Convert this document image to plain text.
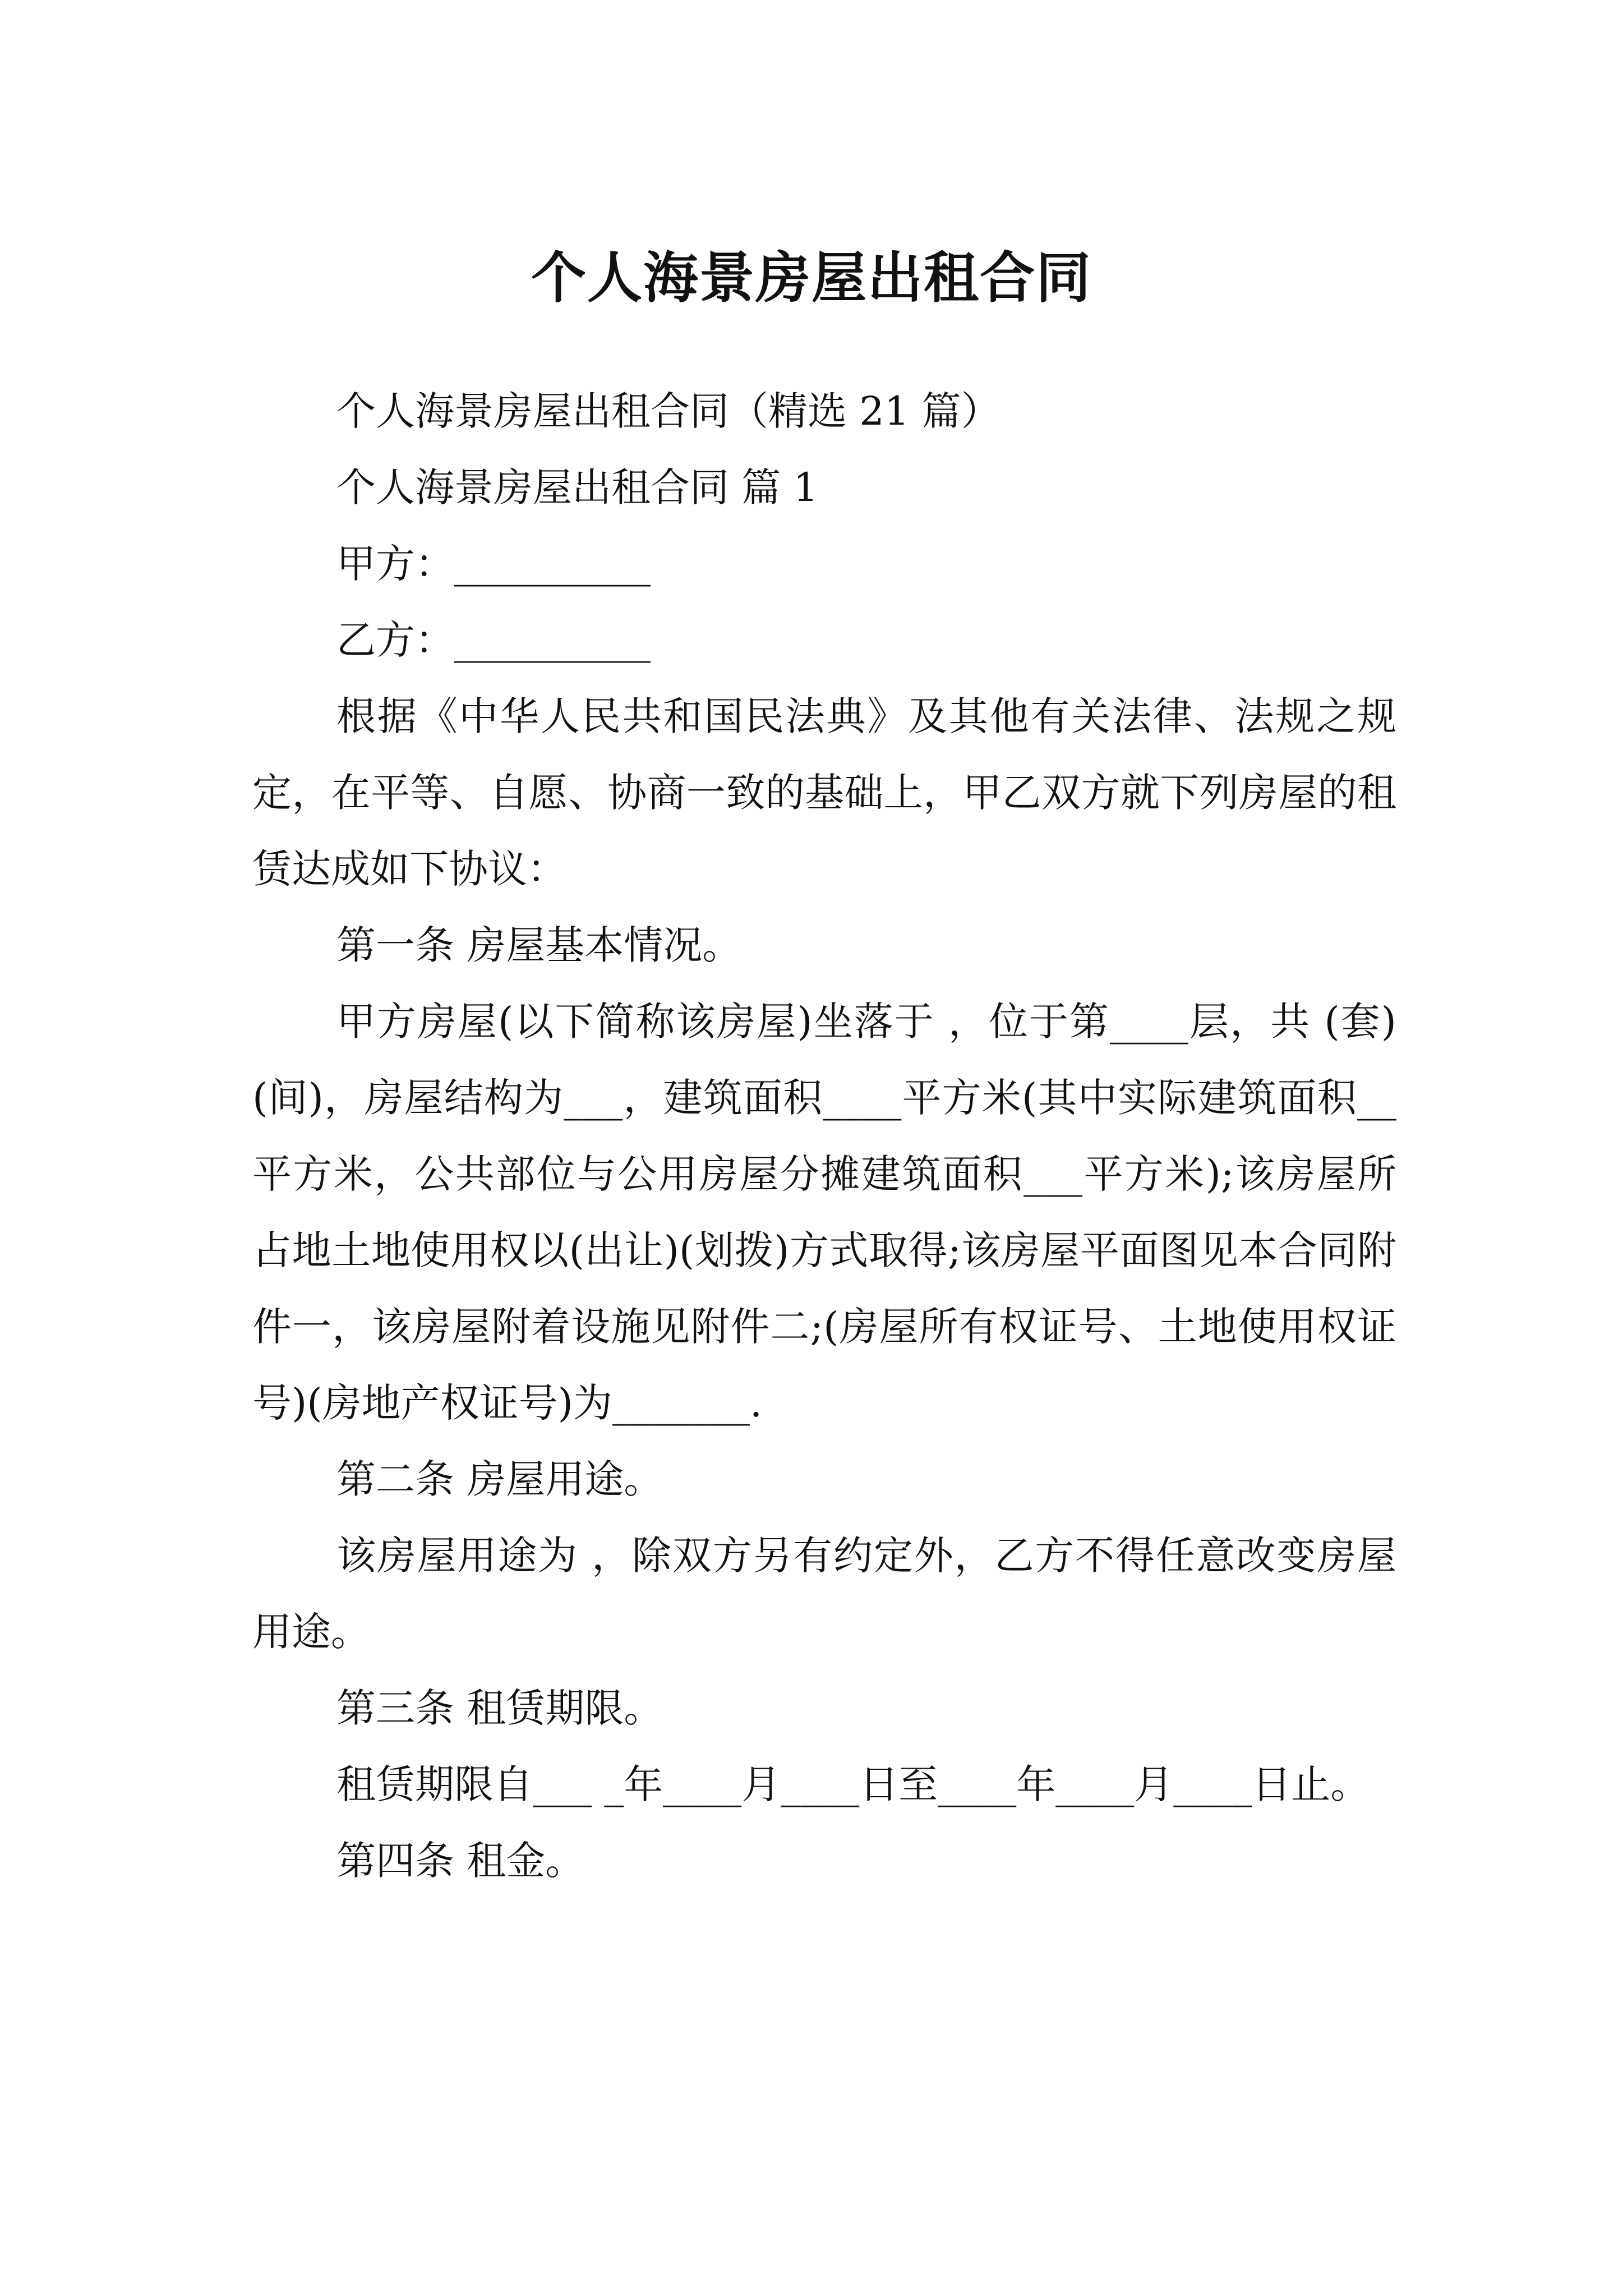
个人海景房屋出租合同

个人海景房屋出租合同（精选 21 篇）

个人海景房屋出租合同 篇 1

甲方：__________

乙方：__________

根据《中华人民共和国民法典》及其他有关法律、法规之规定，在平等、自愿、协商一致的基础上，甲乙双方就下列房屋的租赁达成如下协议：

第一条 房屋基本情况。

甲方房屋(以下简称该房屋)坐落于 ，位于第____层，共 (套)(间)，房屋结构为___，建筑面积____平方米(其中实际建筑面积__平方米，公共部位与公用房屋分摊建筑面积___平方米);该房屋所占地土地使用权以(出让)(划拨)方式取得;该房屋平面图见本合同附件一，该房屋附着设施见附件二;(房屋所有权证号、土地使用权证号)(房地产权证号)为_______.

第二条 房屋用途。

该房屋用途为 ，除双方另有约定外，乙方不得任意改变房屋用途。

第三条 租赁期限。

租赁期限自___ _年____月____日至____年____月____日止。

第四条 租金。
